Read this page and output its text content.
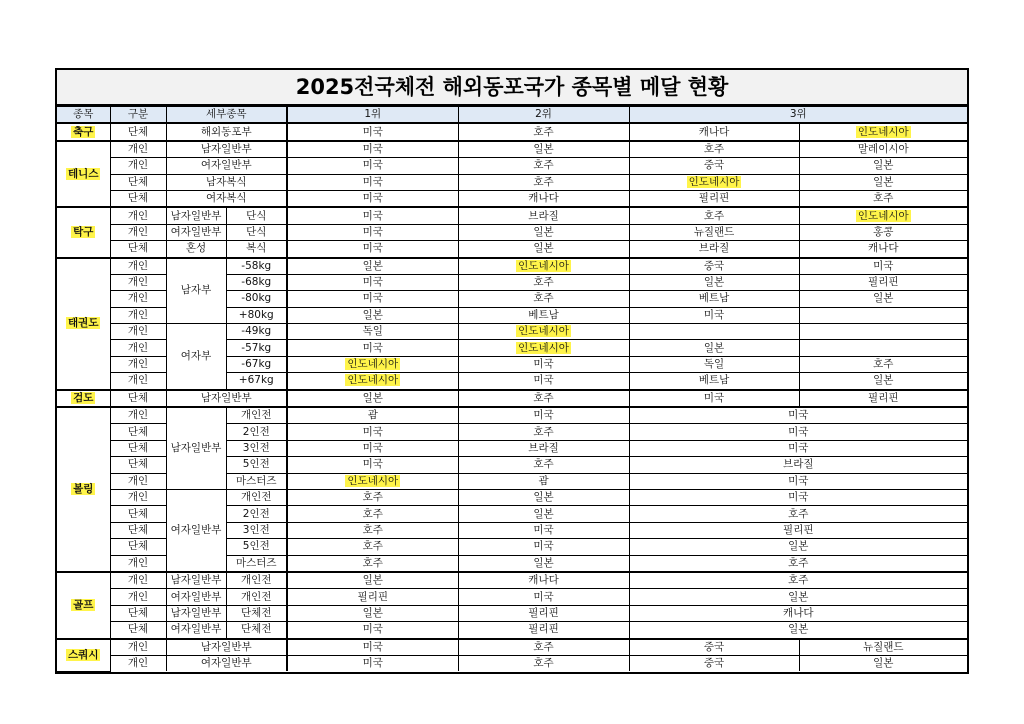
2025전국체전 해외동포국가 종목별 메달 현황
종목	구분	세부종목		1위	2위	3위	
축구	단체	해외동포부		미국	호주	캐나다	인도네시아
테니스	개인	남자일반부		미국	일본	호주	말레이시아
	개인	여자일반부		미국	호주	중국	일본
	단체	남자복식		미국	호주	인도네시아	일본
	단체	여자복식		미국	캐나다	필리핀	호주
탁구	개인	남자일반부	단식	미국	브라질	호주	인도네시아
	개인	여자일반부	단식	미국	일본	뉴질랜드	홍콩
	단체	혼성	복식	미국	일본	브라질	캐나다
태권도	개인	남자부	-58kg	일본	인도네시아	중국	미국
	개인		-68kg	미국	호주	일본	필리핀
	개인		-80kg	미국	호주	베트남	일본
	개인		+80kg	일본	베트남	미국	
	개인	여자부	-49kg	독일	인도네시아		
	개인		-57kg	미국	인도네시아	일본	
	개인		-67kg	인도네시아	미국	독일	호주
	개인		+67kg	인도네시아	미국	베트남	일본
검도	단체	남자일반부		일본	호주	미국	필리핀
볼링	개인	남자일반부	개인전	괌	미국	미국	
	단체		2인전	미국	호주	미국	
	단체		3인전	미국	브라질	미국	
	단체		5인전	미국	호주	브라질	
	개인		마스터즈	인도네시아	괌	미국	
	개인	여자일반부	개인전	호주	일본	미국	
	단체		2인전	호주	일본	호주	
	단체		3인전	호주	미국	필리핀	
	단체		5인전	호주	미국	일본	
	개인		마스터즈	호주	일본	호주	
골프	개인	남자일반부	개인전	일본	캐나다	호주	
	개인	여자일반부	개인전	필리핀	미국	일본	
	단체	남자일반부	단체전	일본	필리핀	캐나다	
	단체	여자일반부	단체전	미국	필리핀	일본	
스쿼시	개인	남자일반부		미국	호주	중국	뉴질랜드
	개인	여자일반부		미국	호주	중국	일본
